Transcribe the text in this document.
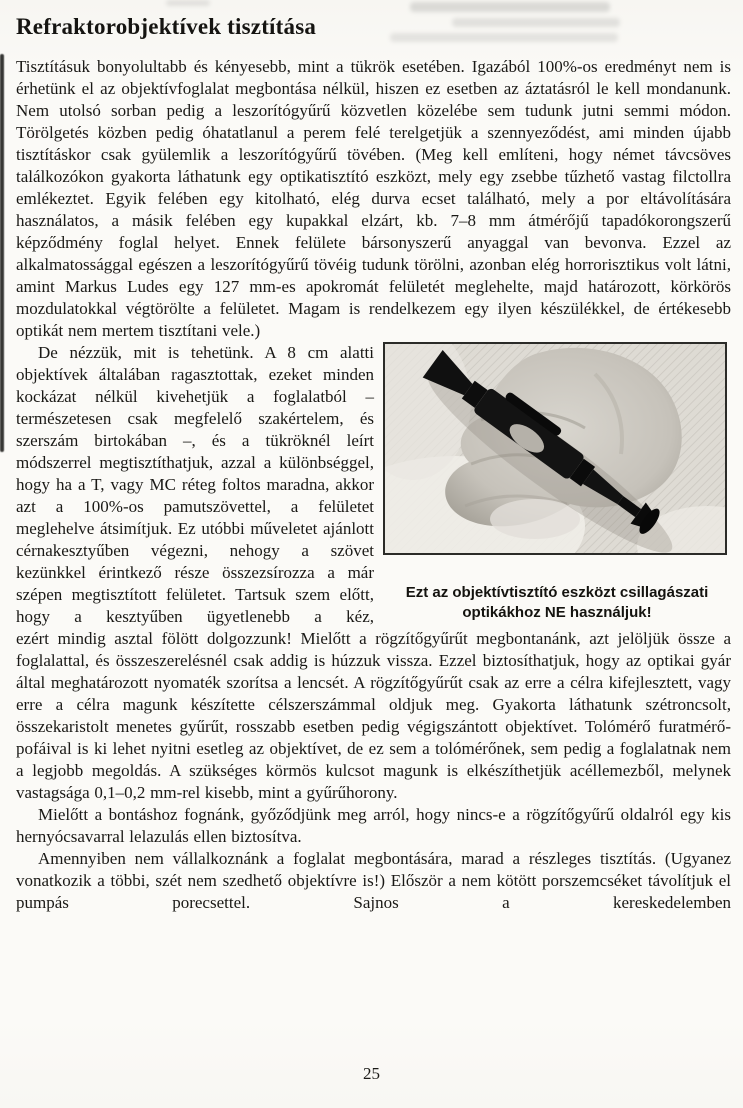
Refraktorobjektívek tisztítása

Tisztításuk bonyolultabb és kényesebb, mint a tükrök esetében. Igazából 100%-os eredményt nem is érhetünk el az objektívfoglalat megbontása nélkül, hiszen ez esetben az áztatásról le kell mondanunk. Nem utolsó sorban pedig a leszorítógyűrű közvetlen közelébe sem tudunk jutni semmi módon. Törölgetés közben pedig óhatatlanul a perem felé terelgetjük a szennyeződést, ami minden újabb tisztításkor csak gyülemlik a leszorítógyűrű tövében. (Meg kell említeni, hogy német távcsöves találkozókon gyakorta láthatunk egy optikatisztító eszközt, mely egy zsebbe tűzhető vastag filctollra emlékeztet. Egyik felében egy kitolható, elég durva ecset található, mely a por eltávolítására használatos, a másik felében egy kupakkal elzárt, kb. 7–8 mm átmérőjű tapadókorongszerű képződmény foglal helyet. Ennek felülete bársonyszerű anyaggal van bevonva. Ezzel az alkalmatossággal egészen a leszorítógyűrű tövéig tudunk törölni, azonban elég horrorisztikus volt látni, amint Markus Ludes egy 127 mm-es apokromát felületét meglehelte, majd határozott, körkörös mozdulatokkal végtörölte a felületet. Magam is rendelkezem egy ilyen készülékkel, de értékesebb optikát nem mertem tisztítani vele.)

De nézzük, mit is tehetünk. A 8 cm alatti objektívek általában ragasztottak, ezeket minden kockázat nélkül kivehetjük a foglalatból – természetesen csak megfelelő szakértelem, és szerszám birtokában –, és a tükröknél leírt módszerrel megtisztíthatjuk, azzal a különbséggel, hogy ha a T, vagy MC réteg foltos maradna, akkor azt a 100%-os pamutszövettel, a felületet meglehelve átsimítjuk. Ez utóbbi műveletet ajánlott cérnakesztyűben végezni, nehogy a szövet kezünkkel érintkező része összezsírozza a már szépen megtisztított felületet. Tartsuk szem előtt, hogy a kesztyűben ügyetlenebb a kéz,

Ezt az objektívtisztító eszközt csillagászati optikákhoz NE használjuk!

ezért mindig asztal fölött dolgozzunk! Mielőtt a rögzítőgyűrűt megbontanánk, azt jelöljük össze a foglalattal, és összeszerelésnél csak addig is húzzuk vissza. Ezzel biztosíthatjuk, hogy az optikai gyár által meghatározott nyomaték szorítsa a lencsét. A rögzítőgyűrűt csak az erre a célra kifejlesztett, vagy erre a célra magunk készítette célszerszámmal oldjuk meg. Gyakorta láthatunk szétroncsolt, összekaristolt menetes gyűrűt, rosszabb esetben pedig végigszántott objektívet. Tolómérő furatmérő-pofáival is ki lehet nyitni esetleg az objektívet, de ez sem a tolómérőnek, sem pedig a foglalatnak nem a legjobb megoldás. A szükséges körmös kulcsot magunk is elkészíthetjük acéllemezből, melynek vastagsága 0,1–0,2 mm-rel kisebb, mint a gyűrűhorony.

Mielőtt a bontáshoz fognánk, győződjünk meg arról, hogy nincs-e a rögzítőgyűrű oldalról egy kis hernyócsavarral lelazulás ellen biztosítva.

Amennyiben nem vállalkoznánk a foglalat megbontására, marad a részleges tisztítás. (Ugyanez vonatkozik a többi, szét nem szedhető objektívre is!) Először a nem kötött porszemcséket távolítjuk el pumpás porecsettel. Sajnos a kereskedelemben

25
